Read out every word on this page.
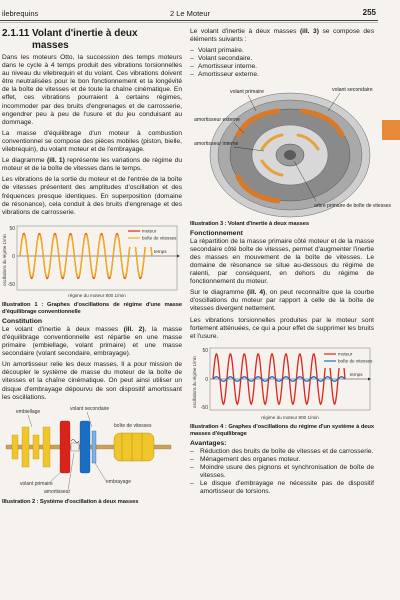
ilebrequins	2 Le Moteur	255
2.1.11 Volant d'inertie à deux
masses

Dans les moteurs Otto, la succession des temps moteurs dans le cycle à 4 temps produit des vibrations torsionnelles au niveau du vilebrequin et du volant. Ces vibrations doivent être neutralisées pour le bon fonctionnement et la longévité de la boîte de vitesses et de toute la chaîne cinématique. En effet, ces vibrations pourraient à certains régimes, incommoder par des bruits d'engrenages et de carrosserie, engendrer peu à peu de l'usure et du jeu conduisant au dommage.

La masse d'équilibrage d'un moteur à combustion conventionnel se compose des pièces mobiles (piston, bielle, vilebrequin), du volant moteur et de l'embrayage.

Le diagramme (ill. 1) représente les variations de régime du moteur et de la boîte de vitesses dans le temps.

Les vibrations de la sortie du moteur et de l'entrée de la boîte de vitesses présentent des amplitudes d'oscillation et des fréquences presque identiques. En superposition (domaine de résonance), cela conduit à des bruits d'engrenage et des vibrations de carrosserie.

oscillations du régime 1/min
50
0
-50
moteur
boîte de vitesses
temps
régime du moteur 800 1/min
Illustration 1 : Graphes d'oscillations de régime d'une masse d'équilibrage conventionnelle
Constitution

Le volant d'inertie à deux masses (ill. 2), la masse d'équilibrage conventionnelle est répartie en une masse primaire (embiellage, volant primaire) et une masse secondaire (volant secondaire, embrayage).

Un amortisseur relie les deux masses. Il a pour mission de découpler le système de masse du moteur de la boîte de vitesses et la chaîne cinématique. On peut ainsi utiliser un disque d'embrayage dépourvu de son dispositif amortissant les oscillations.

embiellage	volant secondaire
boîte de vitesses
volant primaire
amortisseur
embrayage
Illustration 2 : Système d'oscillation à deux masses

Le volant d'inertie à deux masses (ill. 3) se compose des éléments suivants :

– Volant primaire.
– Volant secondaire.
– Amortisseur interne.
– Amortisseur externe.
volant primaire	volant secondaire
amortisseur externe
amortisseur interne
arbre primaire de boîte de vitesses
Illustration 3 : Volant d'inertie à deux masses
Fonctionnement

La répartition de la masse primaire côté moteur et de la masse secondaire côté boîte de vitesses, permet d'augmenter l'inertie des masses en mouvement de la boîte de vitesses. Le domaine de résonance se situe au-dessous du régime de ralenti, par conséquent, en dehors du régime de fonctionnement du moteur.

Sur le diagramme (ill. 4), on peut reconnaître que la courbe d'oscillations du moteur par rapport à celle de la boîte de vitesses divergent nettement.

Les vibrations torsionnelles produites par le moteur sont fortement atténuées, ce qui a pour effet de supprimer les bruits et l'usure.

oscillations du régime 1/min
50
0
-50
moteur
boîte de vitesses
temps
régime du moteur 800 1/min
Illustration 4 : Graphes d'oscillations du régime d'un système à deux masses d'équilibrage
Avantages:
– Réduction des bruits de boîte de vitesses et de carrosserie.
– Ménagement des organes moteur.
– Moindre usure des pignons et synchronisation de boîte de vitesses.
– Le disque d'embrayage ne nécessite pas de dispositif amortisseur de torsions.
